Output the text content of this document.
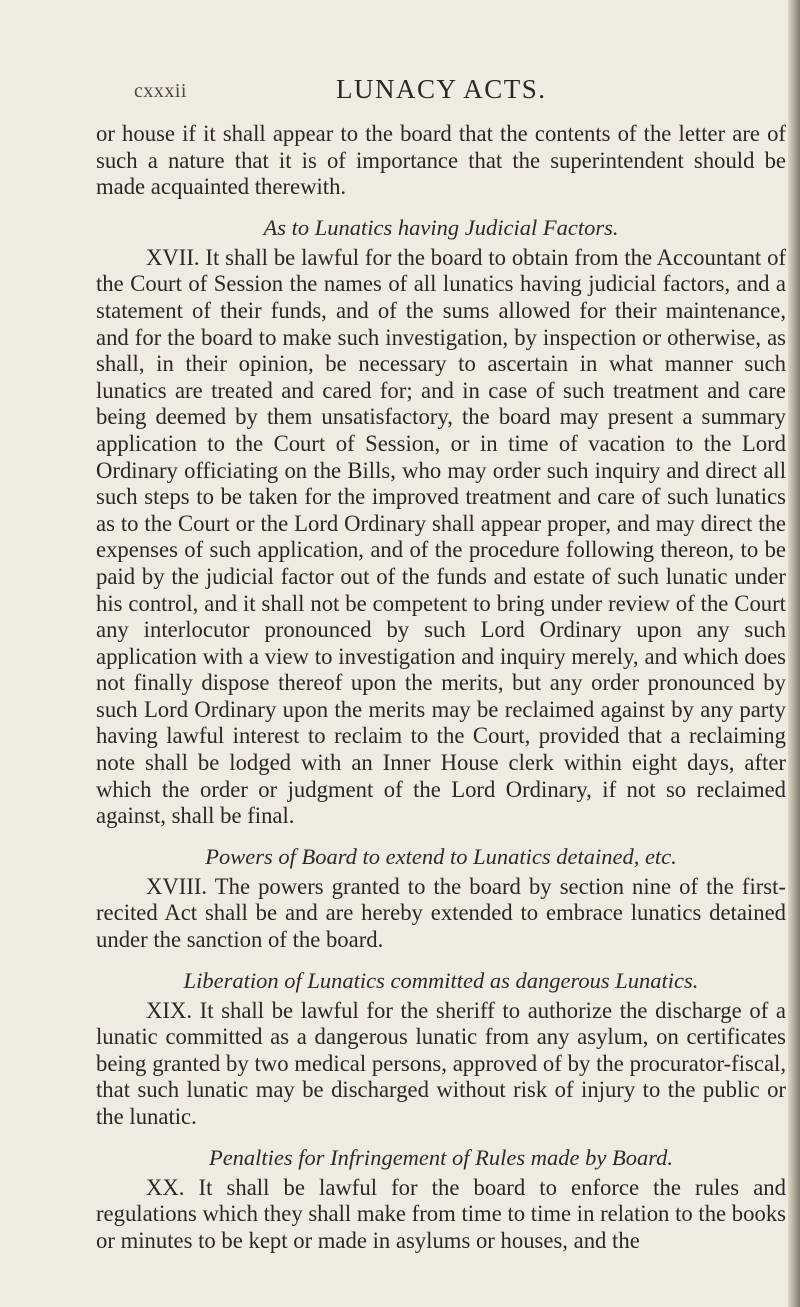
cxxxii	LUNACY ACTS.

or house if it shall appear to the board that the contents of the letter are of such a nature that it is of importance that the superintendent should be made acquainted therewith.

As to Lunatics having Judicial Factors.

XVII. It shall be lawful for the board to obtain from the Accountant of the Court of Session the names of all lunatics having judicial factors, and a statement of their funds, and of the sums allowed for their maintenance, and for the board to make such investigation, by inspection or otherwise, as shall, in their opinion, be necessary to ascertain in what manner such lunatics are treated and cared for; and in case of such treatment and care being deemed by them unsatisfactory, the board may present a summary application to the Court of Session, or in time of vacation to the Lord Ordinary officiating on the Bills, who may order such inquiry and direct all such steps to be taken for the improved treatment and care of such lunatics as to the Court or the Lord Ordinary shall appear proper, and may direct the expenses of such application, and of the procedure following thereon, to be paid by the judicial factor out of the funds and estate of such lunatic under his control, and it shall not be competent to bring under review of the Court any interlocutor pronounced by such Lord Ordinary upon any such application with a view to investigation and inquiry merely, and which does not finally dispose thereof upon the merits, but any order pronounced by such Lord Ordinary upon the merits may be reclaimed against by any party having lawful interest to reclaim to the Court, provided that a reclaiming note shall be lodged with an Inner House clerk within eight days, after which the order or judgment of the Lord Ordinary, if not so reclaimed against, shall be final.

Powers of Board to extend to Lunatics detained, etc.

XVIII. The powers granted to the board by section nine of the first-recited Act shall be and are hereby extended to embrace lunatics detained under the sanction of the board.

Liberation of Lunatics committed as dangerous Lunatics.

XIX. It shall be lawful for the sheriff to authorize the discharge of a lunatic committed as a dangerous lunatic from any asylum, on certificates being granted by two medical persons, approved of by the procurator-fiscal, that such lunatic may be discharged without risk of injury to the public or the lunatic.

Penalties for Infringement of Rules made by Board.

XX. It shall be lawful for the board to enforce the rules and regulations which they shall make from time to time in relation to the books or minutes to be kept or made in asylums or houses, and the
